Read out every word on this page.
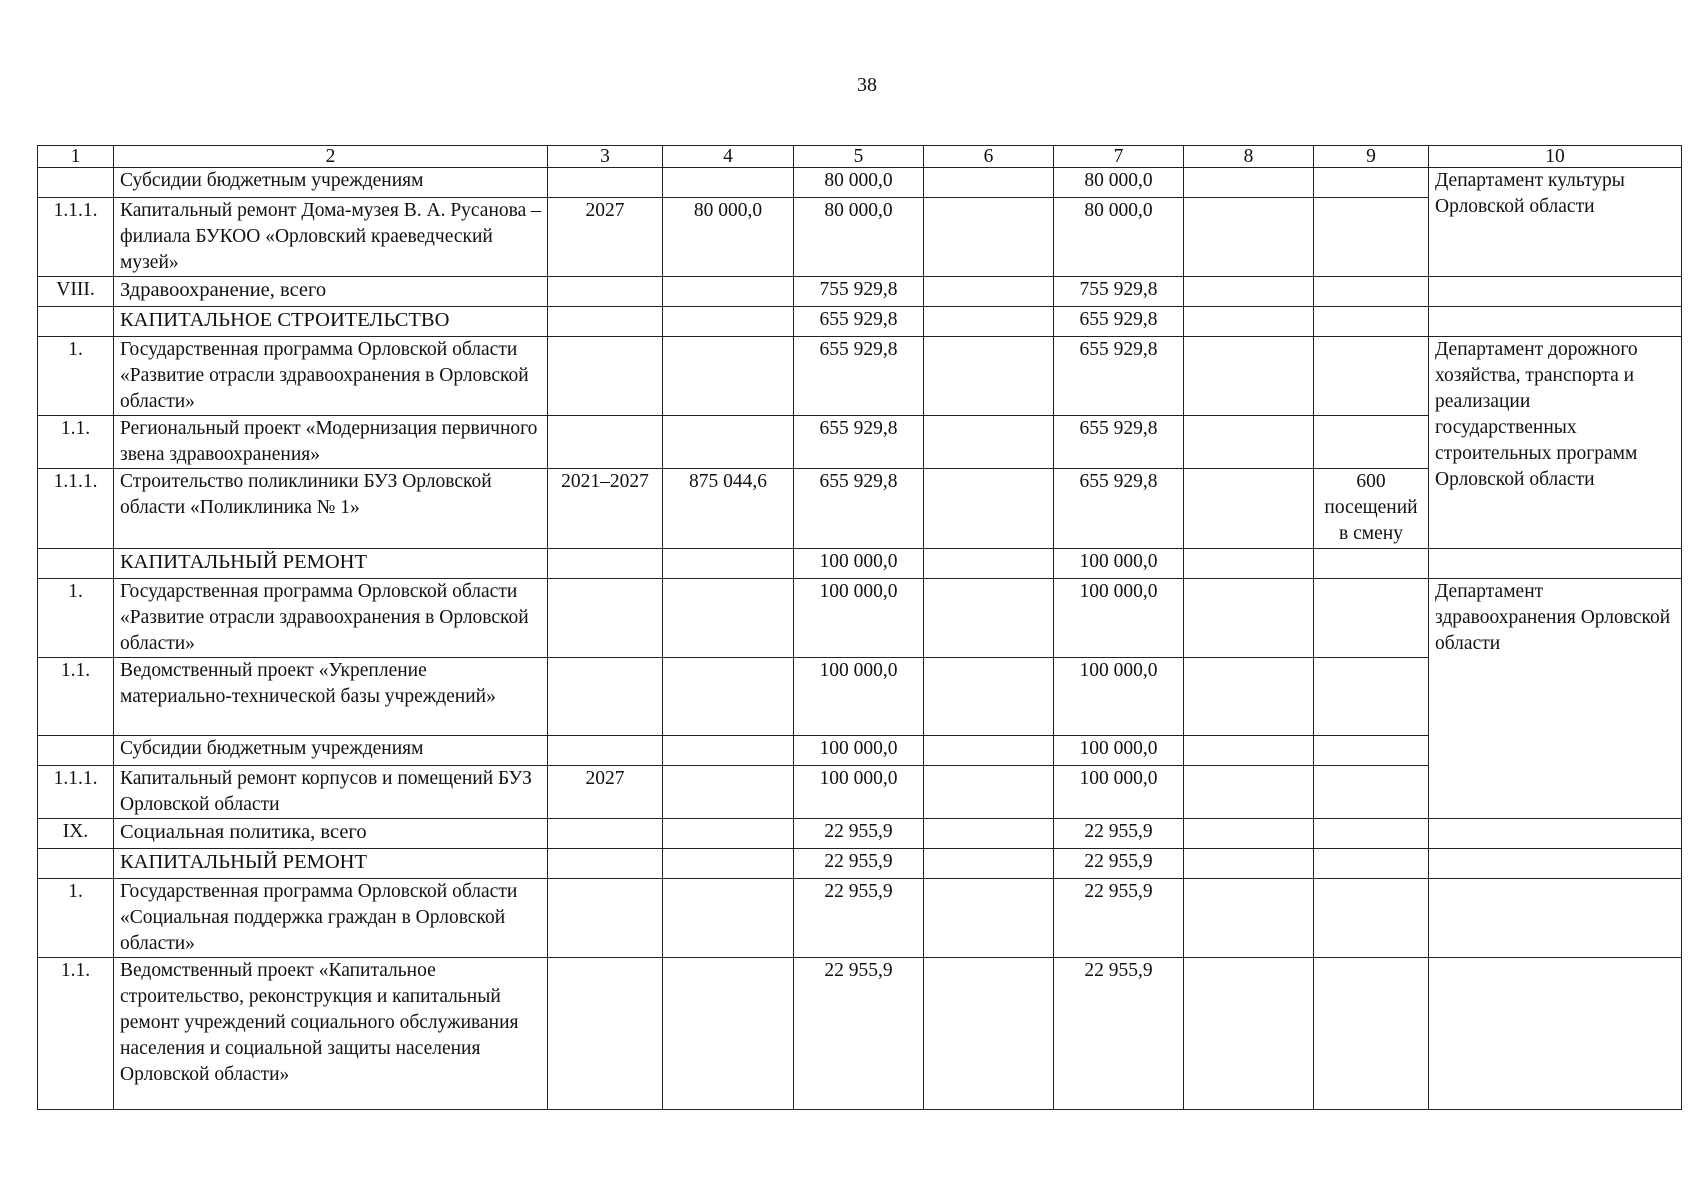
38
1	2	3	4	5	6	7	8	9	10
	Субсидии бюджетным учреждениям			80 000,0		80 000,0			Департамент культуры Орловской области
1.1.1.	Капитальный ремонт Дома-музея В. А. Русанова – филиала БУКОО «Орловский краеведческий музей»	2027	80 000,0	80 000,0		80 000,0			
VIII.	Здравоохранение, всего			755 929,8		755 929,8			
	КАПИТАЛЬНОЕ СТРОИТЕЛЬСТВО			655 929,8		655 929,8			
1.	Государственная программа Орловской области «Развитие отрасли здравоохранения в Орловской области»			655 929,8		655 929,8			Департамент дорожного хозяйства, транспорта и реализации государственных строительных программ Орловской области
1.1.	Региональный проект «Модернизация первичного звена здравоохранения»			655 929,8		655 929,8			
1.1.1.	Строительство поликлиники БУЗ Орловской области «Поликлиника № 1»	2021–2027	875 044,6	655 929,8		655 929,8		600 посещений в смену	
	КАПИТАЛЬНЫЙ РЕМОНТ			100 000,0		100 000,0			
1.	Государственная программа Орловской области «Развитие отрасли здравоохранения в Орловской области»			100 000,0		100 000,0			Департамент здравоохранения Орловской области
1.1.	Ведомственный проект «Укрепление материально-технической базы учреждений»			100 000,0		100 000,0			
	Субсидии бюджетным учреждениям			100 000,0		100 000,0			
1.1.1.	Капитальный ремонт корпусов и помещений БУЗ Орловской области	2027		100 000,0		100 000,0			
IX.	Социальная политика, всего			22 955,9		22 955,9			
	КАПИТАЛЬНЫЙ РЕМОНТ			22 955,9		22 955,9			
1.	Государственная программа Орловской области «Социальная поддержка граждан в Орловской области»			22 955,9		22 955,9			
1.1.	Ведомственный проект «Капитальное строительство, реконструкция и капитальный ремонт учреждений социального обслуживания населения и социальной защиты населения Орловской области»			22 955,9		22 955,9			
